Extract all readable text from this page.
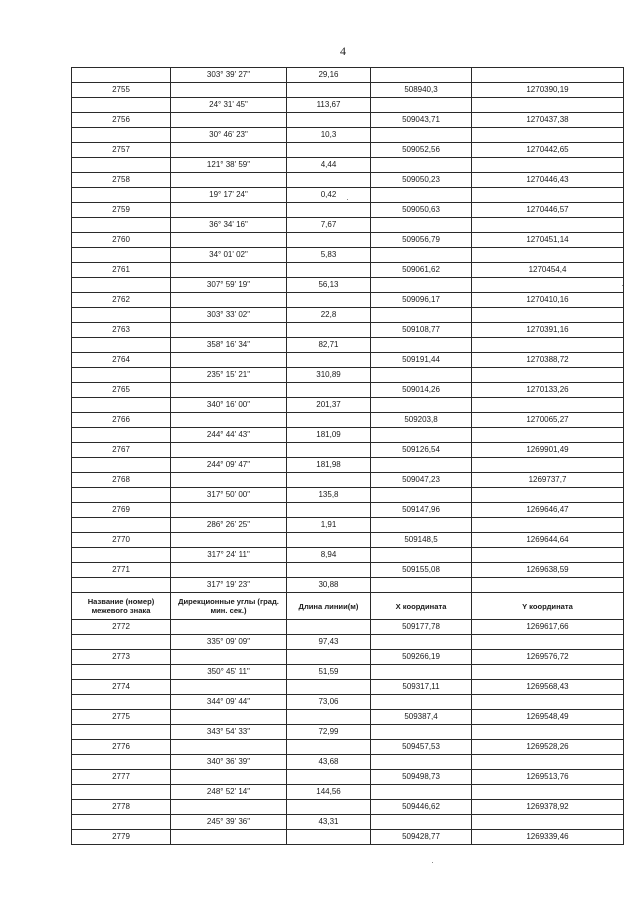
4
	303° 39' 27"	29,16		
2755			508940,3	1270390,19
	24° 31' 45"	113,67		
2756			509043,71	1270437,38
	30° 46' 23"	10,3		
2757			509052,56	1270442,65
	121° 38' 59"	4,44		
2758			509050,23	1270446,43
	19° 17' 24"	0,42		
2759			509050,63	1270446,57
	36° 34' 16"	7,67		
2760			509056,79	1270451,14
	34° 01' 02"	5,83		
2761			509061,62	1270454,4
	307° 59' 19"	56,13		
2762			509096,17	1270410,16
	303° 33' 02"	22,8		
2763			509108,77	1270391,16
	358° 16' 34"	82,71		
2764			509191,44	1270388,72
	235° 15' 21"	310,89		
2765			509014,26	1270133,26
	340° 16' 00"	201,37		
2766			509203,8	1270065,27
	244° 44' 43"	181,09		
2767			509126,54	1269901,49
	244° 09' 47"	181,98		
2768			509047,23	1269737,7
	317° 50' 00"	135,8		
2769			509147,96	1269646,47
	286° 26' 25"	1,91		
2770			509148,5	1269644,64
	317° 24' 11"	8,94		
2771			509155,08	1269638,59
	317° 19' 23"	30,88		
Название (номер) межевого знака	Дирекционные углы (град. мин. сек.)	Длина линии(м)	X координата	Y координата
2772			509177,78	1269617,66
	335° 09' 09"	97,43		
2773			509266,19	1269576,72
	350° 45' 11"	51,59		
2774			509317,11	1269568,43
	344° 09' 44"	73,06		
2775			509387,4	1269548,49
	343° 54' 33"	72,99		
2776			509457,53	1269528,26
	340° 36' 39"	43,68		
2777			509498,73	1269513,76
	248° 52' 14"	144,56		
2778			509446,62	1269378,92
	245° 39' 36"	43,31		
2779			509428,77	1269339,46
